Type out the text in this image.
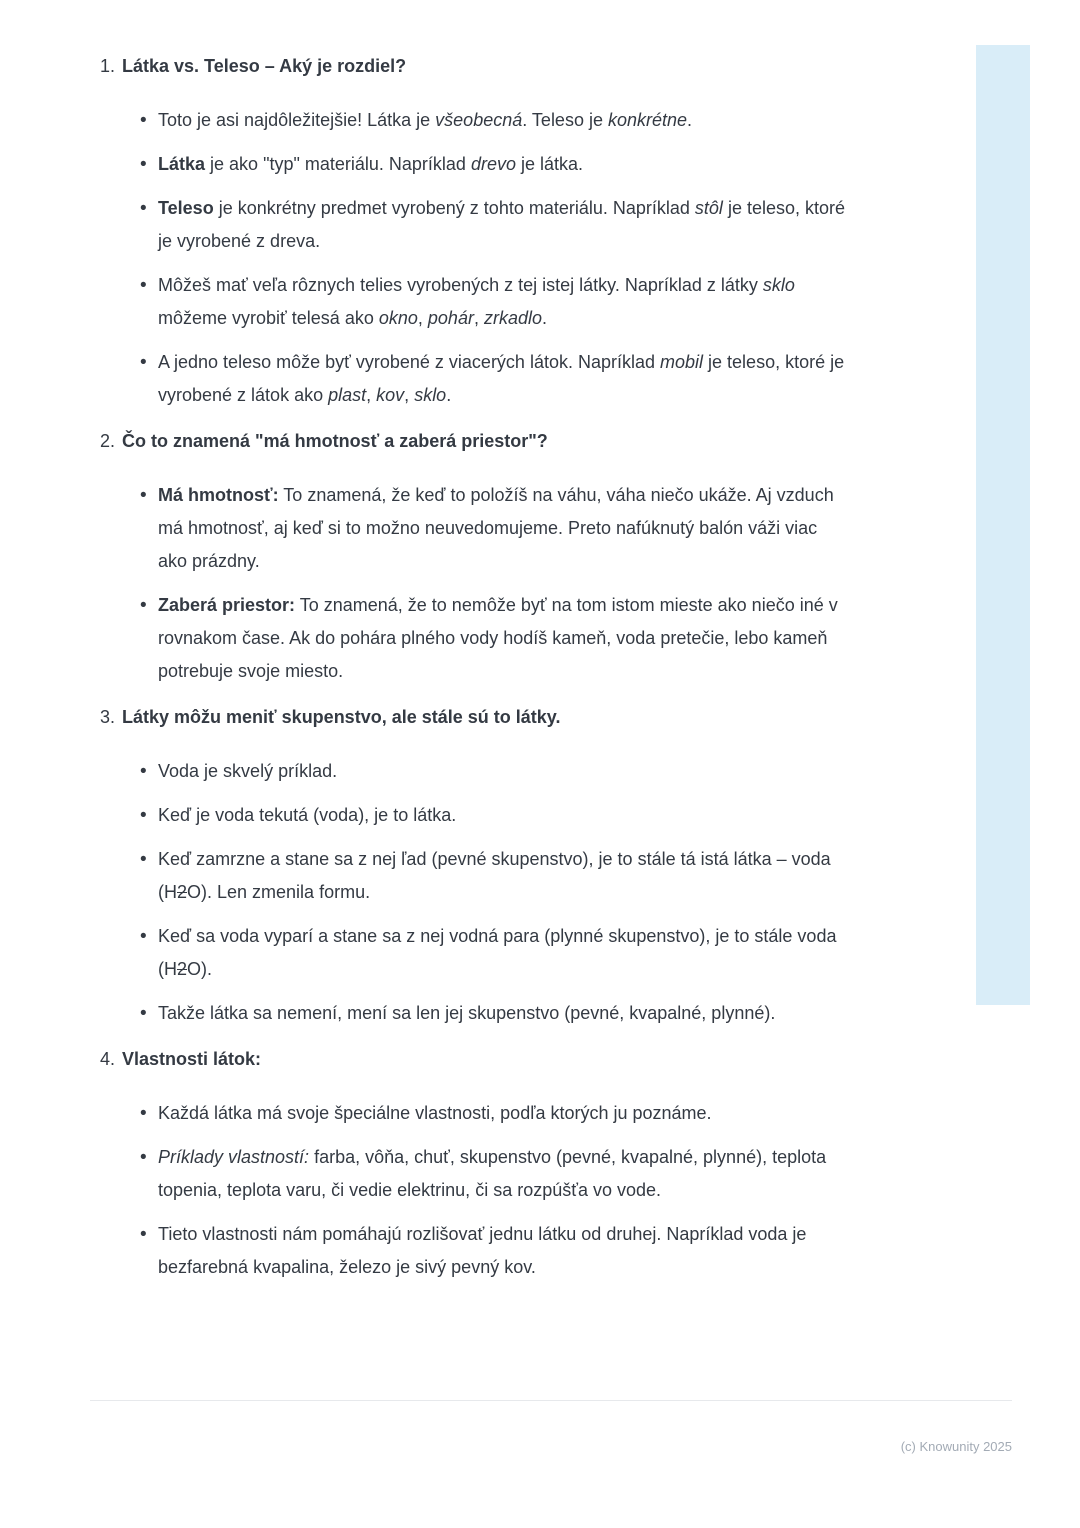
1. Látka vs. Teleso – Aký je rozdiel?
• Toto je asi najdôležitejšie! Látka je všeobecná. Teleso je konkrétne.
• Látka je ako "typ" materiálu. Napríklad drevo je látka.
• Teleso je konkrétny predmet vyrobený z tohto materiálu. Napríklad stôl je teleso, ktoré je vyrobené z dreva.
• Môžeš mať veľa rôznych telies vyrobených z tej istej látky. Napríklad z látky sklo môžeme vyrobiť telesá ako okno, pohár, zrkadlo.
• A jedno teleso môže byť vyrobené z viacerých látok. Napríklad mobil je teleso, ktoré je vyrobené z látok ako plast, kov, sklo.
2. Čo to znamená "má hmotnosť a zaberá priestor"?
• Má hmotnosť: To znamená, že keď to položíš na váhu, váha niečo ukáže. Aj vzduch má hmotnosť, aj keď si to možno neuvedomujeme. Preto nafúknutý balón váži viac ako prázdny.
• Zaberá priestor: To znamená, že to nemôže byť na tom istom mieste ako niečo iné v rovnakom čase. Ak do pohára plného vody hodíš kameň, voda pretečie, lebo kameň potrebuje svoje miesto.
3. Látky môžu meniť skupenstvo, ale stále sú to látky.
• Voda je skvelý príklad.
• Keď je voda tekutá (voda), je to látka.
• Keď zamrzne a stane sa z nej ľad (pevné skupenstvo), je to stále tá istá látka – voda (H2O). Len zmenila formu.
• Keď sa voda vyparí a stane sa z nej vodná para (plynné skupenstvo), je to stále voda (H2O).
• Takže látka sa nemení, mení sa len jej skupenstvo (pevné, kvapalné, plynné).
4. Vlastnosti látok:
• Každá látka má svoje špeciálne vlastnosti, podľa ktorých ju poznáme.
• Príklady vlastností: farba, vôňa, chuť, skupenstvo (pevné, kvapalné, plynné), teplota topenia, teplota varu, či vedie elektrinu, či sa rozpúšťa vo vode.
• Tieto vlastnosti nám pomáhajú rozlišovať jednu látku od druhej. Napríklad voda je bezfarebná kvapalina, železo je sivý pevný kov.
(c) Knowunity 2025
